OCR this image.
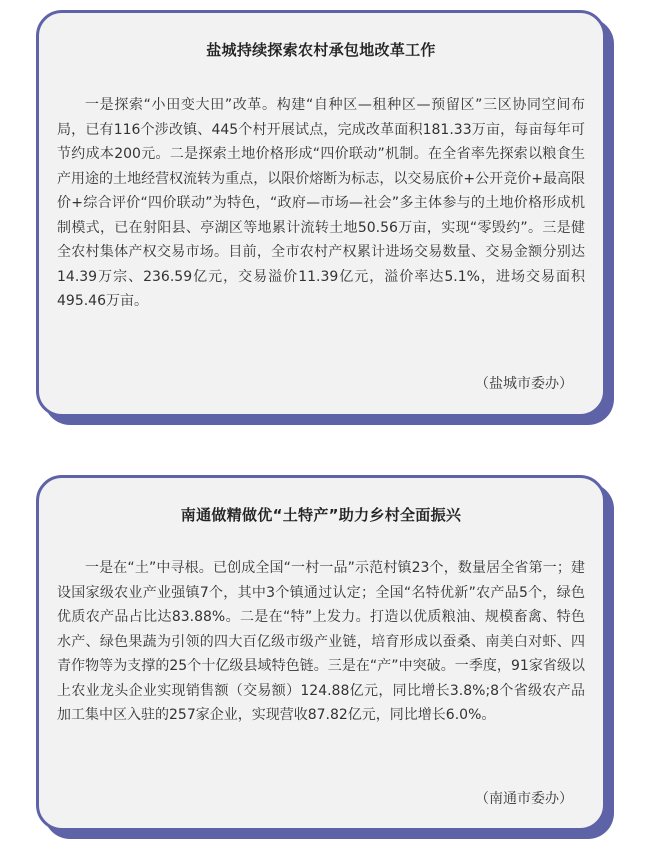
盐城持续探索农村承包地改革工作

一是探索“小田变大田”改革。构建“自种区—租种区—预留区”三区协同空间布局，已有116个涉改镇、445个村开展试点，完成改革面积181.33万亩，每亩每年可节约成本200元。二是探索土地价格形成“四价联动”机制。在全省率先探索以粮食生产用途的土地经营权流转为重点，以限价熔断为标志，以交易底价+公开竞价+最高限价+综合评价“四价联动”为特色，“政府—市场—社会”多主体参与的土地价格形成机制模式，已在射阳县、亭湖区等地累计流转土地50.56万亩，实现“零毁约”。三是健全农村集体产权交易市场。目前，全市农村产权累计进场交易数量、交易金额分别达14.39万宗、236.59亿元，交易溢价11.39亿元，溢价率达5.1%，进场交易面积495.46万亩。

（盐城市委办）
南通做精做优“土特产”助力乡村全面振兴

一是在“土”中寻根。已创成全国“一村一品”示范村镇23个，数量居全省第一；建设国家级农业产业强镇7个，其中3个镇通过认定；全国“名特优新”农产品5个，绿色优质农产品占比达83.88%。二是在“特”上发力。打造以优质粮油、规模畜禽、特色水产、绿色果蔬为引领的四大百亿级市级产业链，培育形成以蚕桑、南美白对虾、四青作物等为支撑的25个十亿级县域特色链。三是在“产”中突破。一季度，91家省级以上农业龙头企业实现销售额（交易额）124.88亿元，同比增长3.8%;8个省级农产品加工集中区入驻的257家企业，实现营收87.82亿元，同比增长6.0%。

（南通市委办）
